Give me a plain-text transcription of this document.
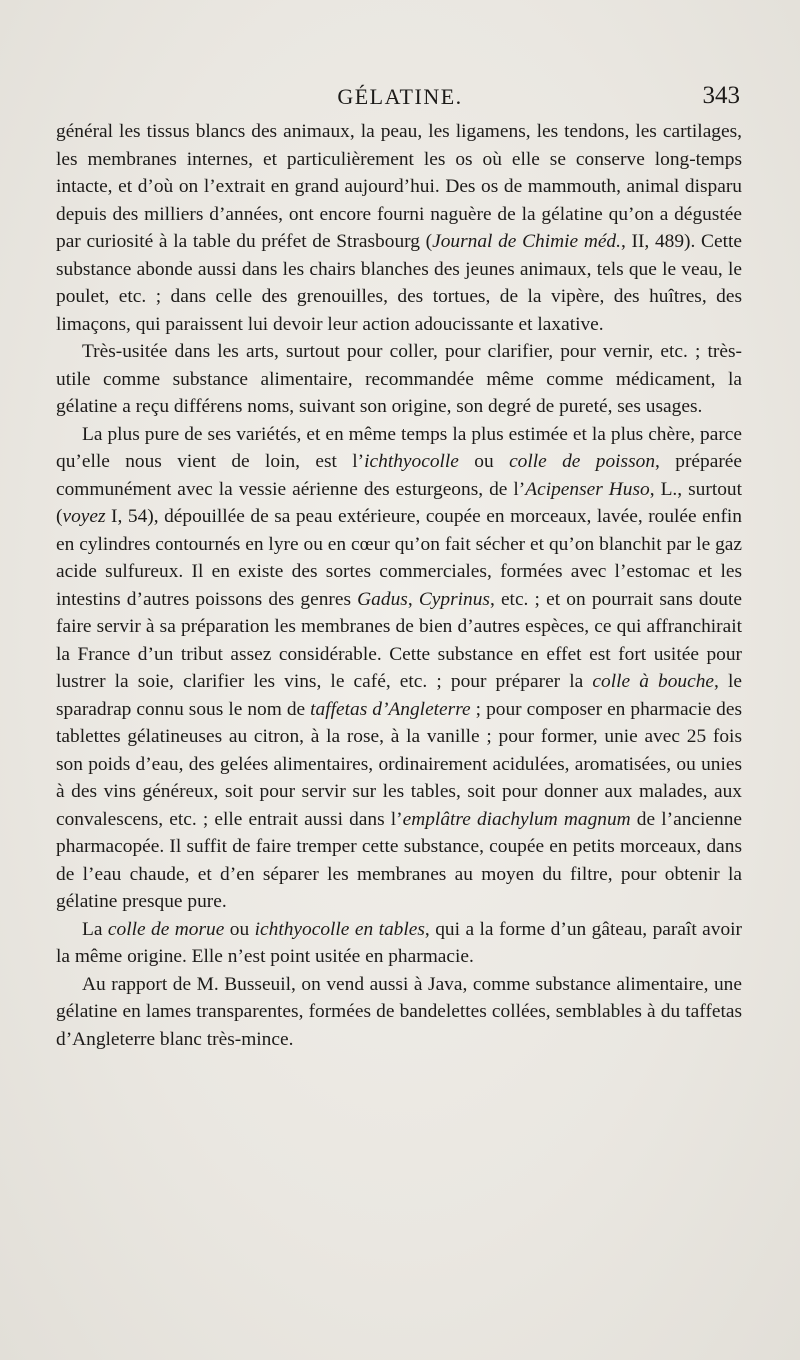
GÉLATINE.	343

général les tissus blancs des animaux, la peau, les ligamens, les tendons, les cartilages, les membranes internes, et particulièrement les os où elle se conserve long-temps intacte, et d’où on l’extrait en grand aujourd’hui. Des os de mammouth, animal disparu depuis des milliers d’années, ont encore fourni naguère de la gélatine qu’on a dégustée par curiosité à la table du préfet de Strasbourg (Journal de Chimie méd., II, 489). Cette substance abonde aussi dans les chairs blanches des jeunes animaux, tels que le veau, le poulet, etc. ; dans celle des grenouilles, des tortues, de la vipère, des huîtres, des limaçons, qui paraissent lui devoir leur action adoucissante et laxative.

Très-usitée dans les arts, surtout pour coller, pour clarifier, pour vernir, etc. ; très-utile comme substance alimentaire, recommandée même comme médicament, la gélatine a reçu différens noms, suivant son origine, son degré de pureté, ses usages.

La plus pure de ses variétés, et en même temps la plus estimée et la plus chère, parce qu’elle nous vient de loin, est l’ichthyocolle ou colle de poisson, préparée communément avec la vessie aérienne des esturgeons, de l’Acipenser Huso, L., surtout (voyez I, 54), dépouillée de sa peau extérieure, coupée en morceaux, lavée, roulée enfin en cylindres contournés en lyre ou en cœur qu’on fait sécher et qu’on blanchit par le gaz acide sulfureux. Il en existe des sortes commerciales, formées avec l’estomac et les intestins d’autres poissons des genres Gadus, Cyprinus, etc. ; et on pourrait sans doute faire servir à sa préparation les membranes de bien d’autres espèces, ce qui affranchirait la France d’un tribut assez considérable. Cette substance en effet est fort usitée pour lustrer la soie, clarifier les vins, le café, etc. ; pour préparer la colle à bouche, le sparadrap connu sous le nom de taffetas d’Angleterre ; pour composer en pharmacie des tablettes gélatineuses au citron, à la rose, à la vanille ; pour former, unie avec 25 fois son poids d’eau, des gelées alimentaires, ordinairement acidulées, aromatisées, ou unies à des vins généreux, soit pour servir sur les tables, soit pour donner aux malades, aux convalescens, etc. ; elle entrait aussi dans l’emplâtre diachylum magnum de l’ancienne pharmacopée. Il suffit de faire tremper cette substance, coupée en petits morceaux, dans de l’eau chaude, et d’en séparer les membranes au moyen du filtre, pour obtenir la gélatine presque pure.

La colle de morue ou ichthyocolle en tables, qui a la forme d’un gâteau, paraît avoir la même origine. Elle n’est point usitée en pharmacie.

Au rapport de M. Busseuil, on vend aussi à Java, comme substance alimentaire, une gélatine en lames transparentes, formées de bandelettes collées, semblables à du taffetas d’Angleterre blanc très-mince.
